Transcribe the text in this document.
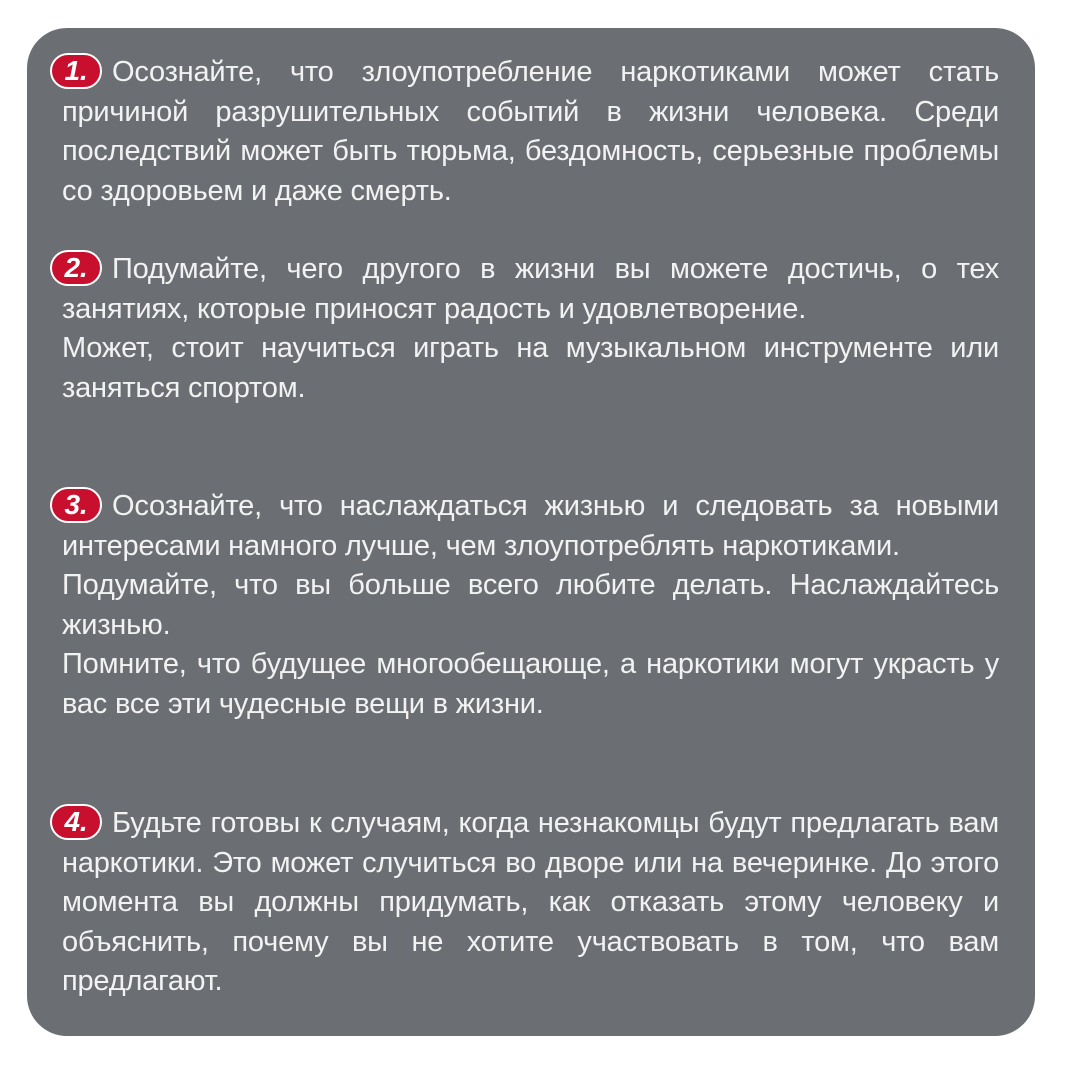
1. Осознайте, что злоупотребление наркотиками может стать причиной разрушительных событий в жизни человека. Среди последствий может быть тюрьма, бездомность, серьезные проблемы со здоровьем и даже смерть.

2. Подумайте, чего другого в жизни вы можете достичь, о тех занятиях, которые приносят радость и удовлетворение.

Может, стоит научиться играть на музыкальном инструменте или заняться спортом.

3. Осознайте, что наслаждаться жизнью и следовать за новыми интересами намного лучше, чем злоупотреблять наркотиками.

Подумайте, что вы больше всего любите делать. Наслаждайтесь жизнью.

Помните, что будущее многообещающе, а наркотики могут украсть у вас все эти чудесные вещи в жизни.

4. Будьте готовы к случаям, когда незнакомцы будут предлагать вам наркотики. Это может случиться во дворе или на вечеринке. До этого момента вы должны придумать, как отказать этому человеку и объяснить, почему вы не хотите участвовать в том, что вам предлагают.
